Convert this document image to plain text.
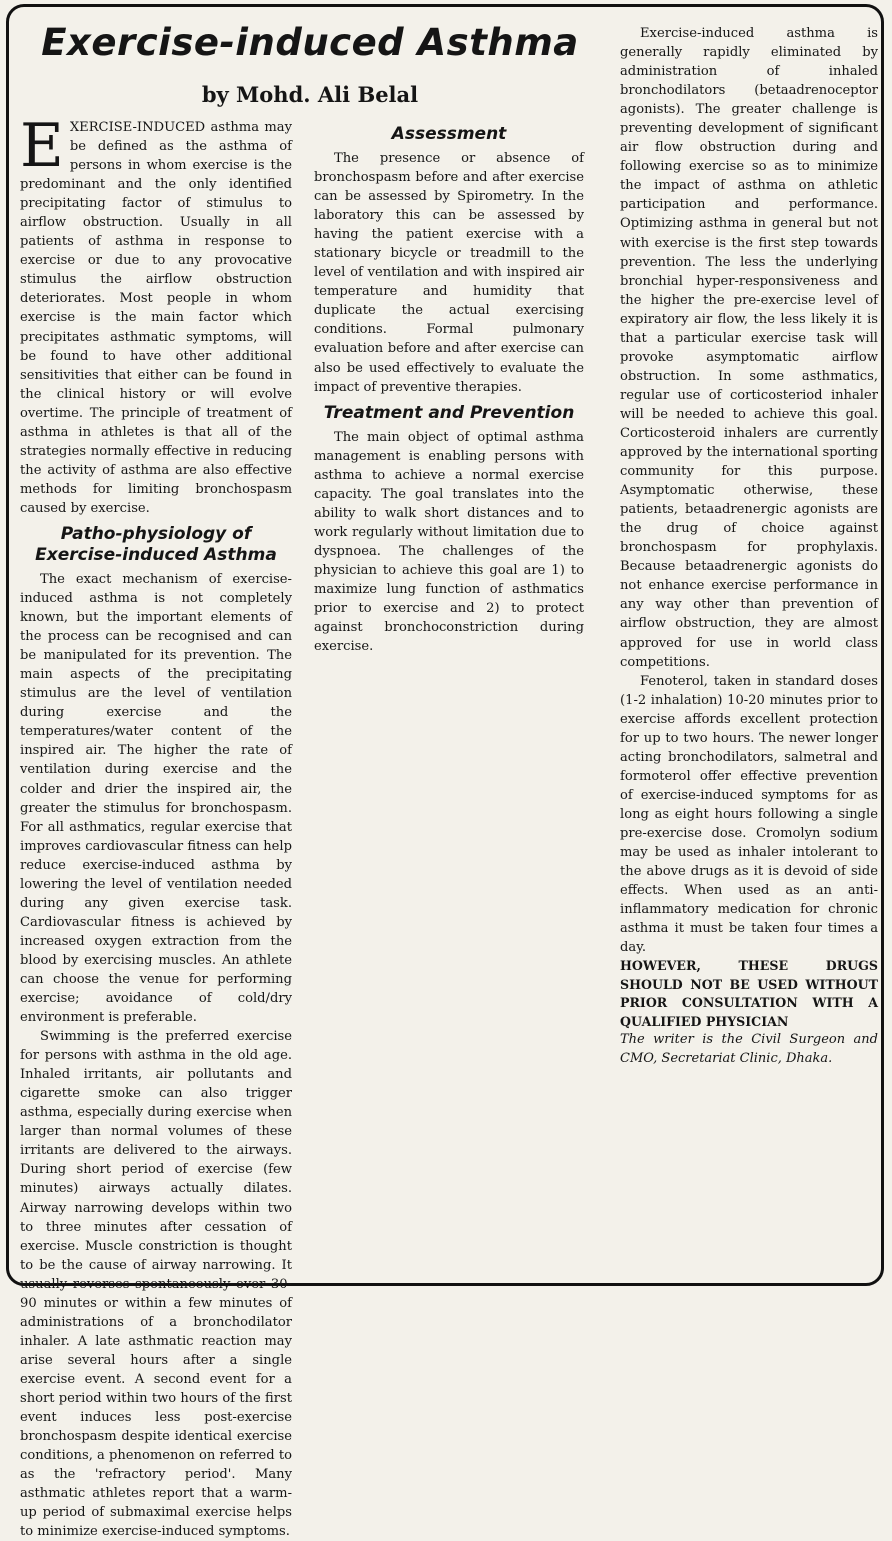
Exercise-induced Asthma
by Mohd. Ali Belal

EXERCISE-INDUCED asthma may be defined as the asthma of persons in whom exercise is the predominant and the only identified precipitating factor of stimulus to airflow obstruction. Usually in all patients of asthma in response to exercise or due to any provocative stimulus the airflow obstruction deteriorates. Most people in whom exercise is the main factor which precipitates asthmatic symptoms, will be found to have other additional sensitivities that either can be found in the clinical history or will evolve overtime. The principle of treatment of asthma in athletes is that all of the strategies normally effective in reducing the activity of asthma are also effective methods for limiting bronchospasm caused by exercise.

Patho-physiology of
Exercise-induced Asthma

The exact mechanism of exercise-induced asthma is not completely known, but the important elements of the process can be recognised and can be manipulated for its prevention. The main aspects of the precipitating stimulus are the level of ventilation during exercise and the temperatures/water content of the inspired air. The higher the rate of ventilation during exercise and the colder and drier the inspired air, the greater the stimulus for bronchospasm. For all asthmatics, regular exercise that improves cardiovascular fitness can help reduce exercise-induced asthma by lowering the level of ventilation needed during any given exercise task. Cardiovascular fitness is achieved by increased oxygen extraction from the blood by exercising muscles. An athlete can choose the venue for performing exercise; avoidance of cold/dry environment is preferable.

Swimming is the preferred exercise for persons with asthma in the old age. Inhaled irritants, air pollutants and cigarette smoke can also trigger asthma, especially during exercise when larger than normal volumes of these irritants are delivered to the airways. During short period of exercise (few minutes) airways actually dilates. Airway narrowing develops within two to three minutes after cessation of exercise. Muscle constriction is thought to be the cause of airway narrowing. It usually reverses spontaneously over 30-90 minutes or within a few minutes of administrations of a bronchodilator inhaler. A late asthmatic reaction may arise several hours after a single exercise event. A second event for a short period within two hours of the first event induces less post-exercise bronchospasm despite identical exercise conditions, a phenomenon on referred to as the 'refractory period'. Many asthmatic athletes report that a warm-up period of submaximal exercise helps to minimize exercise-induced symptoms.

Assessment

The presence or absence of bronchospasm before and after exercise can be assessed by Spirometry. In the laboratory this can be assessed by having the patient exercise with a stationary bicycle or treadmill to the level of ventilation and with inspired air temperature and humidity that duplicate the actual exercising conditions. Formal pulmonary evaluation before and after exercise can also be used effectively to evaluate the impact of preventive therapies.

Treatment and Prevention

The main object of optimal asthma management is enabling persons with asthma to achieve a normal exercise capacity. The goal translates into the ability to walk short distances and to work regularly without limitation due to dyspnoea. The challenges of the physician to achieve this goal are 1) to maximize lung function of asthmatics prior to exercise and 2) to protect against bronchoconstriction during exercise.

Exercise-induced asthma is generally rapidly eliminated by administration of inhaled bronchodilators (betaadrenoceptor agonists). The greater challenge is preventing development of significant air flow obstruction during and following exercise so as to minimize the impact of asthma on athletic participation and performance. Optimizing asthma in general but not with exercise is the first step towards prevention. The less the underlying bronchial hyper-responsiveness and the higher the pre-exercise level of expiratory air flow, the less likely it is that a particular exercise task will provoke asymptomatic airflow obstruction. In some asthmatics, regular use of corticosteriod inhaler will be needed to achieve this goal. Corticosteroid inhalers are currently approved by the international sporting community for this purpose. Asymptomatic otherwise, these patients, betaadrenergic agonists are the drug of choice against bronchospasm for prophylaxis. Because betaadrenergic agonists do not enhance exercise performance in any way other than prevention of airflow obstruction, they are almost approved for use in world class competitions.

Fenoterol, taken in standard doses (1-2 inhalation) 10-20 minutes prior to exercise affords excellent protection for up to two hours. The newer longer acting bronchodilators, salmetral and formoterol offer effective prevention of exercise-induced symptoms for as long as eight hours following a single pre-exercise dose. Cromolyn sodium may be used as inhaler intolerant to the above drugs as it is devoid of side effects. When used as an anti-inflammatory medication for chronic asthma it must be taken four times a day.

HOWEVER, THESE DRUGS SHOULD NOT BE USED WITHOUT PRIOR CONSULTATION WITH A QUALIFIED PHYSICIAN

The writer is the Civil Surgeon and CMO, Secretariat Clinic, Dhaka.
